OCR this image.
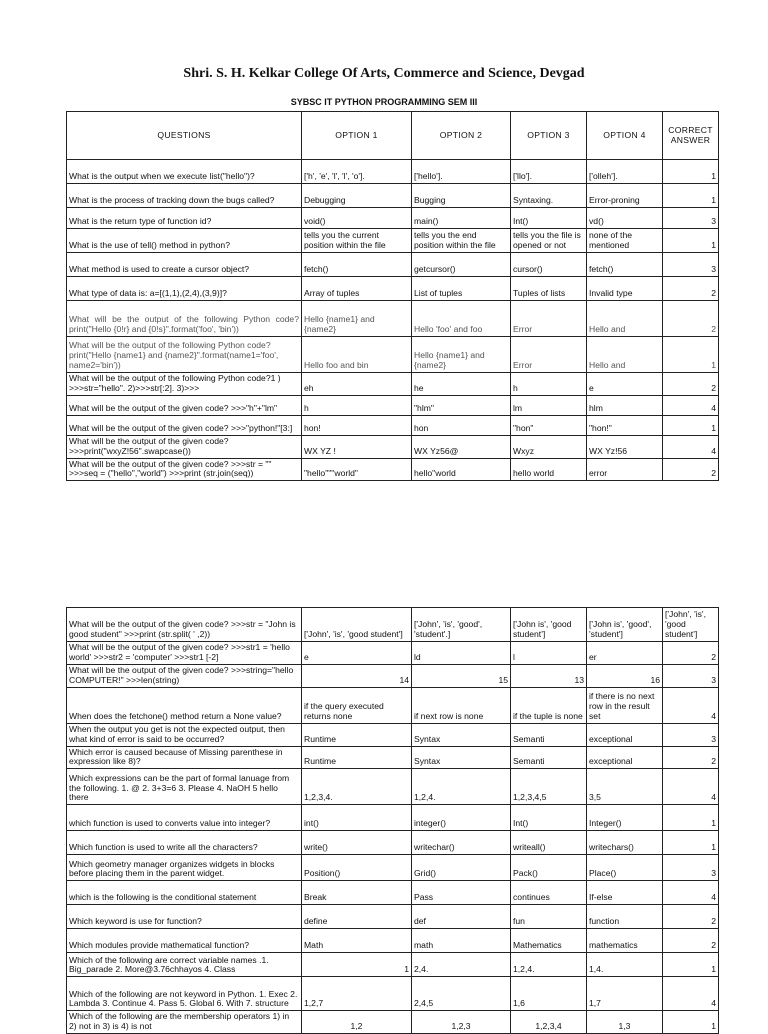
Shri. S. H. Kelkar College Of Arts, Commerce and Science, Devgad
SYBSC IT PYTHON PROGRAMMING SEM III
QUESTIONS	OPTION 1	OPTION 2	OPTION 3	OPTION 4	CORRECT ANSWER
What is the output when we execute list("hello")?	['h', 'e', 'l', 'l', 'o'].	['hello'].	['llo'].	['olleh'].	1
What is the process of tracking down the bugs called?	Debugging	Bugging	Syntaxing.	Error-proning	1
What is the return type of function id?	void()	main()	Int()	vd()	3
What is the use of tell() method in python?	tells you the current position within the file	tells you the end position within the file	tells you the file is opened or not	none of the mentioned	1
What method is used to create a cursor object?	fetch()	getcursor()	cursor()	fetch()	3
What type of data is: a=[(1,1),(2,4),(3,9)]?	Array of tuples	List of tuples	Tuples of lists	Invalid type	2
What will be the output of the following Python code? print("Hello {0!r} and {0!s}".format('foo', 'bin'))	Hello {name1} and {name2}	Hello 'foo' and foo	Error	Hello and	2
What will be the output of the following Python code? print("Hello {name1} and {name2}".format(name1='foo', name2='bin'))	Hello foo and bin	Hello {name1} and {name2}	Error	Hello and	1
What will be the output of the following Python code?1 ) >>>str="hello". 2)>>>str[:2]. 3)>>>	eh	he	h	e	2
What will be the output of the given code? >>>"h"+"lm"	h	"hlm"	lm	hlm	4
What will be the output of the given code? >>>"python!"[3:]	hon!	hon	"hon"	"hon!"	1
What will be the output of the given code? >>>print("wxyZ!56".swapcase())	WX YZ !	WX Yz56@	Wxyz	WX Yz!56	4
What will be the output of the given code? >>>str = "" >>>seq = ("hello","world") >>>print (str.join(seq))	"hello"""world"	hello"world	hello world	error	2
What will be the output of the given code? >>>str = "John is good student" >>>print (str.split( ' ,2))	['John', 'is', 'good student']	['John', 'is', 'good', 'student'.]	['John is', 'good student']	['John is', 'good', 'student']	['John', 'is', 'good student']
What will be the output of the given code? >>>str1 = 'hello world' >>>str2 = 'computer' >>>str1 [-2]	e	ld	l	er	2
What will be the output of the given code? >>>string="hello COMPUTER!" >>>len(string)	14	15	13	16	3
When does the fetchone() method return a None value?	if the query executed returns none	if next row is none	if the tuple is none	if there is no next row in the result set	4
When the output you get is not the expected output, then what kind of error is said to be occurred?	Runtime	Syntax	Semanti	exceptional	3
Which error is caused because of Missing parenthese in expression like 8)?	Runtime	Syntax	Semanti	exceptional	2
Which expressions can be the part of formal lanuage from the following. 1. @ 2. 3+3=6 3. Please 4. NaOH 5 hello there	1,2,3,4.	1,2,4.	1,2,3,4,5	3,5	4
which function is used to converts value into integer?	int()	integer()	Int()	Integer()	1
Which function is used to write all the characters?	write()	writechar()	writeall()	writechars()	1
Which geometry manager organizes widgets in blocks before placing them in the parent widget.	Position()	Grid()	Pack()	Place()	3
which is the following is the conditional statement	Break	Pass	continues	If-else	4
Which keyword is use for function?	define	def	fun	function	2
Which modules provide mathematical function?	Math	math	Mathematics	mathematics	2
Which of the following are correct variable names .1. Big_parade 2. More@3.76chhayos 4. Class	1	2,4.	1,2,4.	1,4.	1
Which of the following are not keyword in Python. 1. Exec 2. Lambda 3. Continue 4. Pass 5. Global 6. With 7. structure	1,2,7	2,4,5	1,6	1,7	4
Which of the following are the membership operators 1) in 2) not in 3) is 4) is not	1,2	1,2,3	1,2,3,4	1,3	1
